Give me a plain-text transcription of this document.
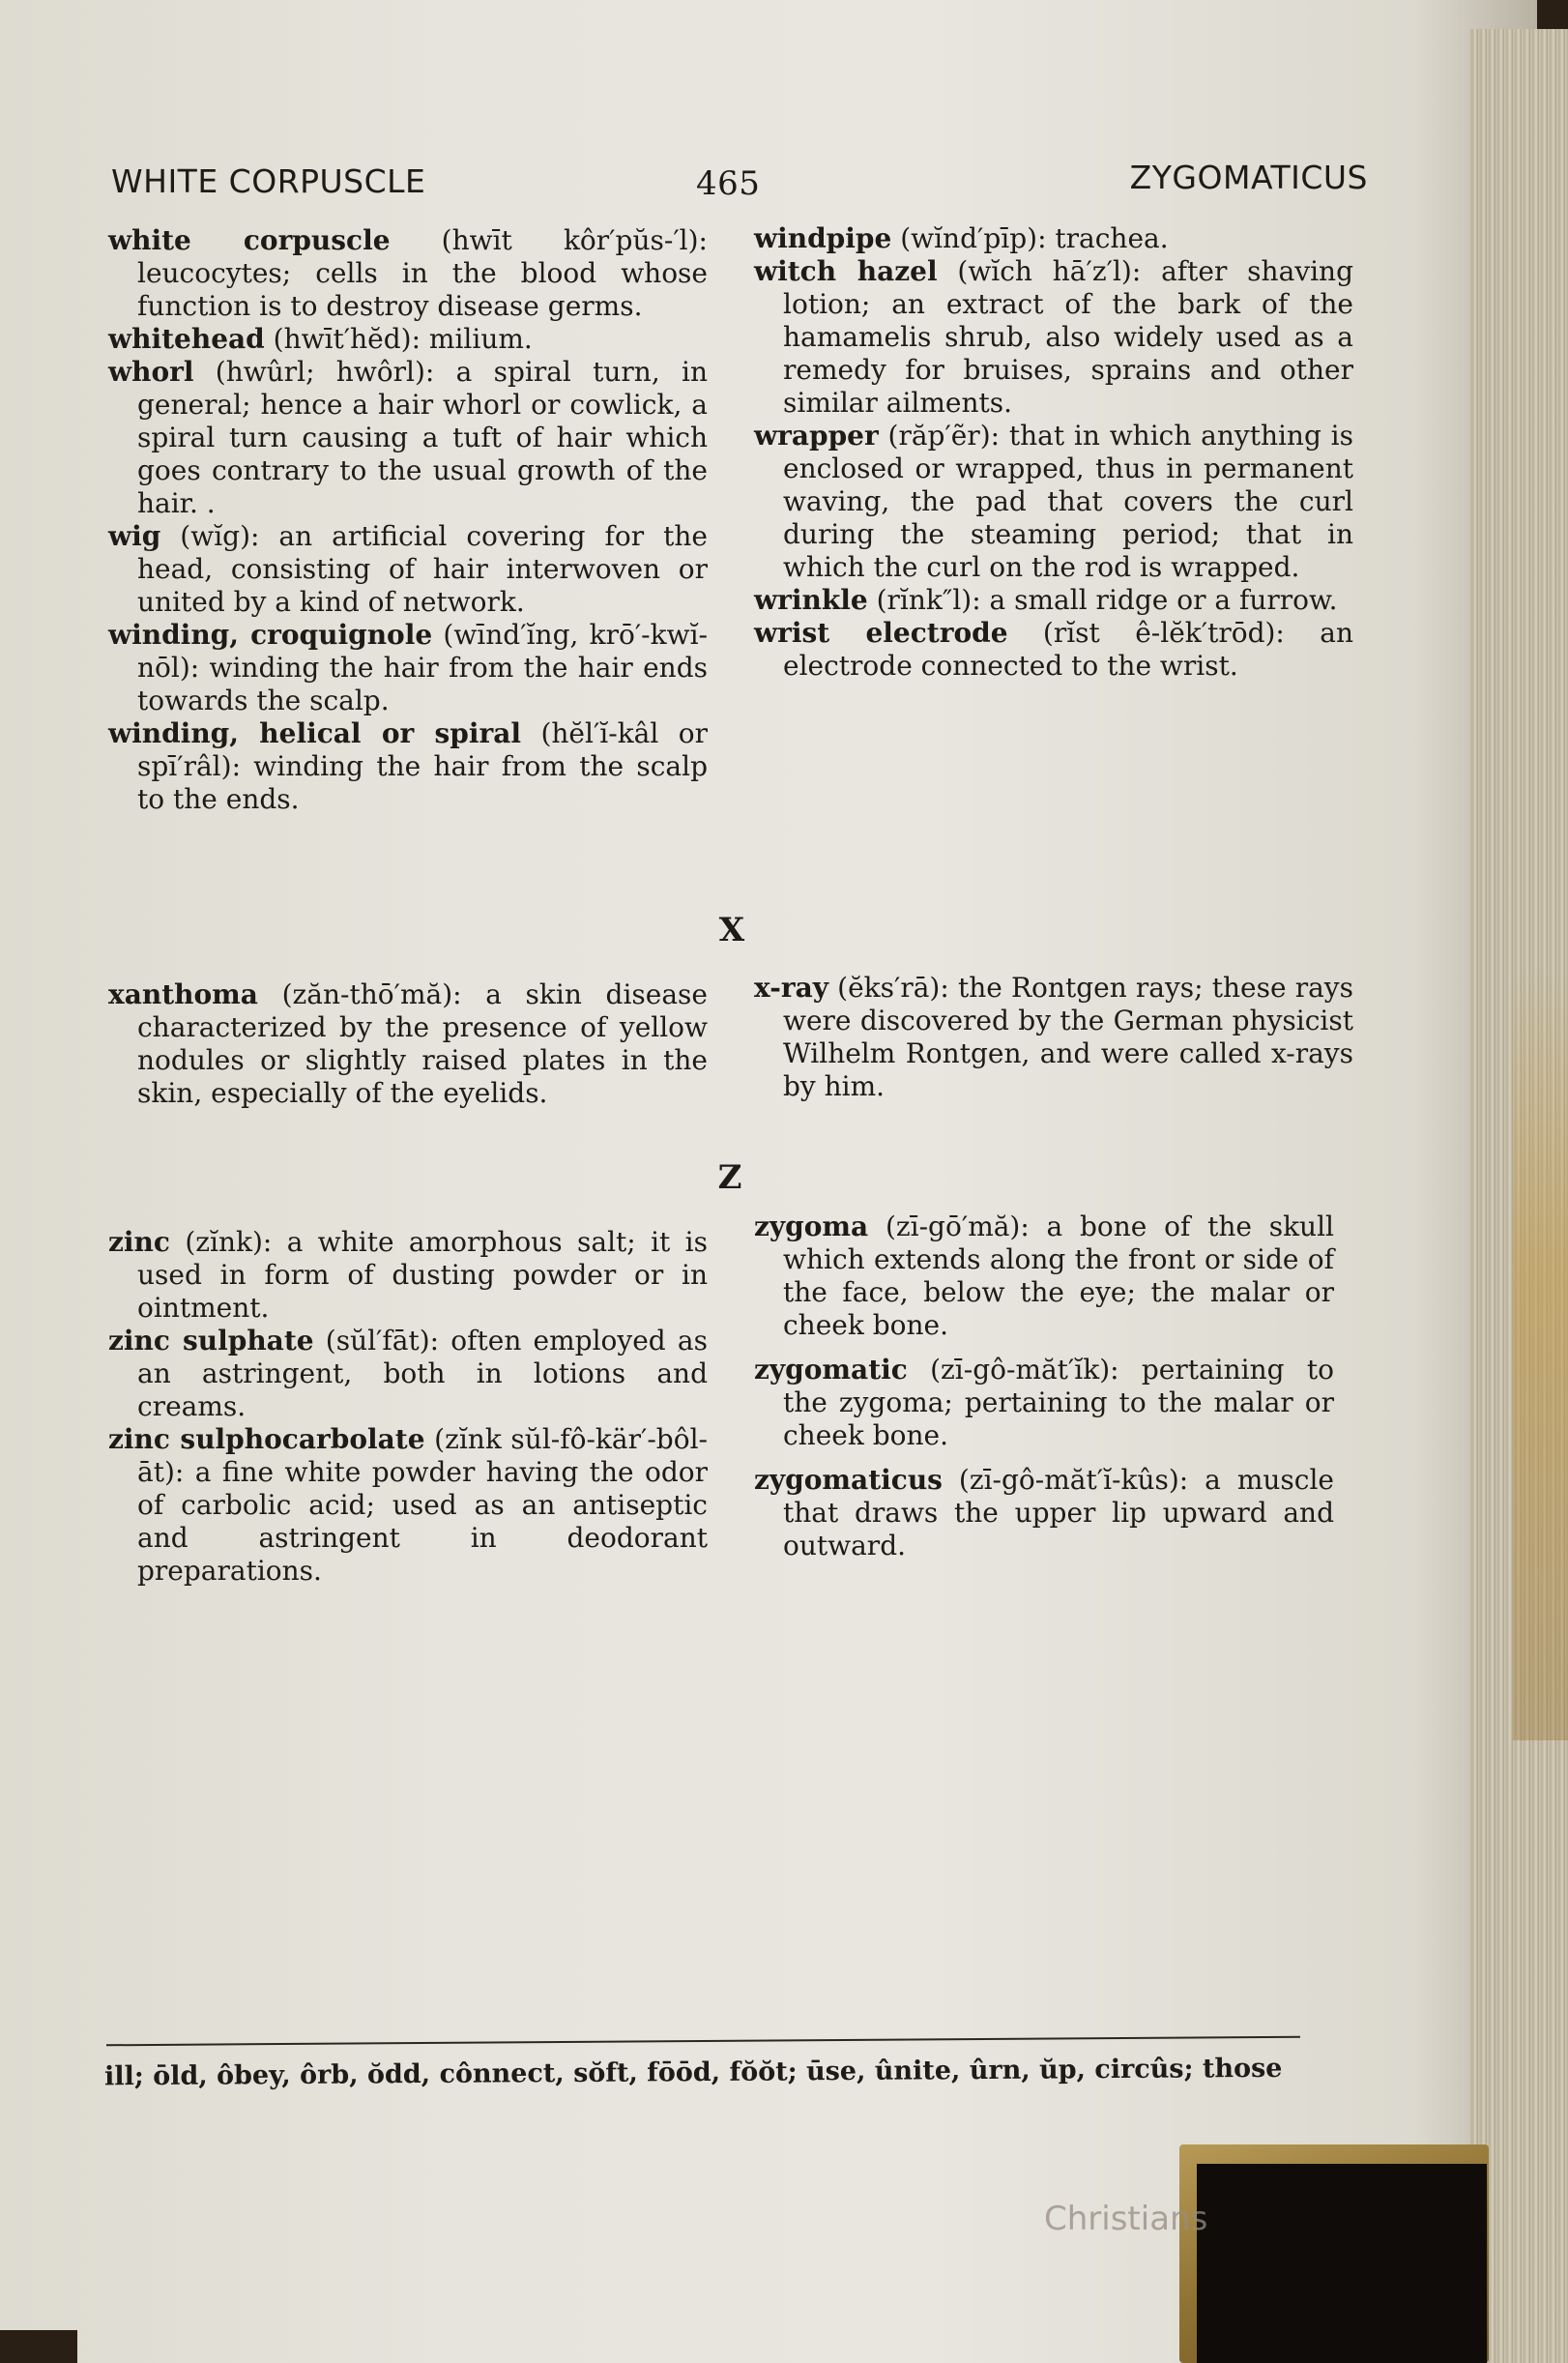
WHITE CORPUSCLE	465	ZYGOMATICUS

white corpuscle (hwīt kôr′pŭs-′l): leucocytes; cells in the blood whose function is to destroy disease germs.

whitehead (hwīt′hĕd): milium.

whorl (hwûrl; hwôrl): a spiral turn, in general; hence a hair whorl or cowlick, a spiral turn causing a tuft of hair which goes contrary to the usual growth of the hair. .

wig (wĭg): an artificial covering for the head, consisting of hair interwoven or united by a kind of network.

winding, croquignole (wīnd′ĭng, krō′-kwĭ-nōl): winding the hair from the hair ends towards the scalp.

winding, helical or spiral (hĕl′ĭ-kâl or spī′râl): winding the hair from the scalp to the ends.

windpipe (wĭnd′pīp): trachea.

witch hazel (wĭch hā′z′l): after shaving lotion; an extract of the bark of the hamamelis shrub, also widely used as a remedy for bruises, sprains and other similar ailments.

wrapper (răp′ẽr): that in which anything is enclosed or wrapped, thus in permanent waving, the pad that covers the curl during the steaming period; that in which the curl on the rod is wrapped.

wrinkle (rĭnk″l): a small ridge or a furrow.

wrist electrode (rĭst ê-lĕk′trōd): an electrode connected to the wrist.

X

xanthoma (zăn-thō′mă): a skin disease characterized by the presence of yellow nodules or slightly raised plates in the skin, especially of the eyelids.

x-ray (ĕks′rā): the Rontgen rays; these rays were discovered by the German physicist Wilhelm Rontgen, and were called x-rays by him.

Z

zinc (zĭnk): a white amorphous salt; it is used in form of dusting powder or in ointment.

zinc sulphate (sŭl′fāt): often employed as an astringent, both in lotions and creams.

zinc sulphocarbolate (zĭnk sŭl-fô-kär′-bôl-āt): a fine white powder having the odor of carbolic acid; used as an antiseptic and astringent in deodorant preparations.

zygoma (zī-gō′mă): a bone of the skull which extends along the front or side of the face, below the eye; the malar or cheek bone.

zygomatic (zī-gô-măt′ĭk): pertaining to the zygoma; pertaining to the malar or cheek bone.

zygomaticus (zī-gô-măt′ĭ-kûs): a muscle that draws the upper lip upward and outward.

ill; ōld, ôbey, ôrb, ŏdd, cônnect, sŏft, fōōd, fŏŏt; ūse, ûnite, ûrn, ŭp, circûs; those
Christians
